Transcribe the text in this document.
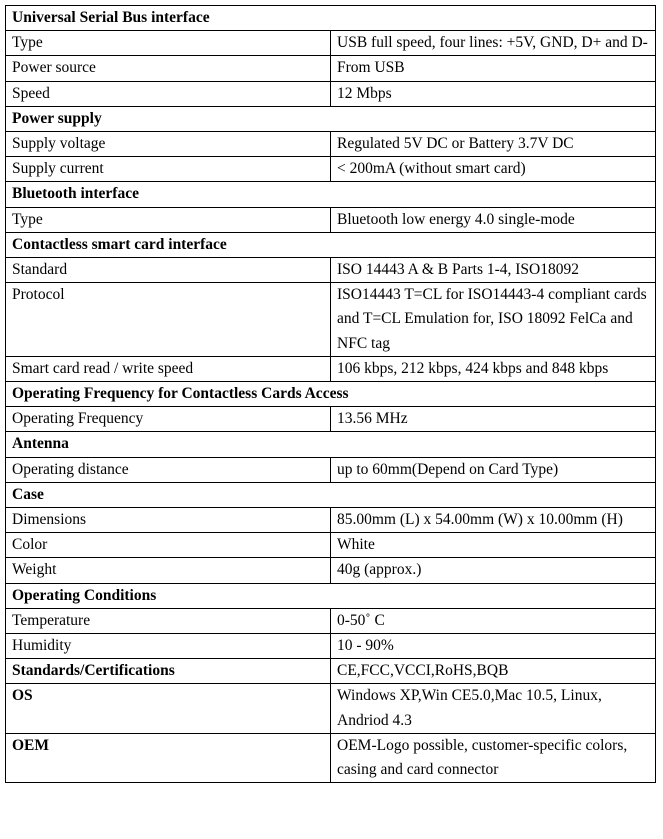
Universal Serial Bus interface	
Type	USB full speed, four lines: +5V, GND, D+ and D-
Power source	From USB
Speed	12 Mbps
Power supply	
Supply voltage	Regulated 5V DC or Battery 3.7V DC
Supply current	< 200mA (without smart card)
Bluetooth interface	
Type	Bluetooth low energy 4.0 single-mode
Contactless smart card interface	
Standard	ISO 14443 A & B Parts 1-4, ISO18092
Protocol	ISO14443 T=CL for ISO14443-4 compliant cards and T=CL Emulation for, ISO 18092 FelCa and NFC tag
Smart card read / write speed	106 kbps, 212 kbps, 424 kbps and 848 kbps
Operating Frequency for Contactless Cards Access	
Operating Frequency	13.56 MHz
Antenna	
Operating distance	up to 60mm(Depend on Card Type)
Case	
Dimensions	85.00mm (L) x 54.00mm (W) x 10.00mm (H)
Color	White
Weight	40g (approx.)
Operating Conditions	
Temperature	0-50˚ C
Humidity	10 - 90%
Standards/Certifications	CE,FCC,VCCI,RoHS,BQB
OS	Windows XP,Win CE5.0,Mac 10.5, Linux, Andriod 4.3
OEM	OEM-Logo possible, customer-specific colors, casing and card connector
